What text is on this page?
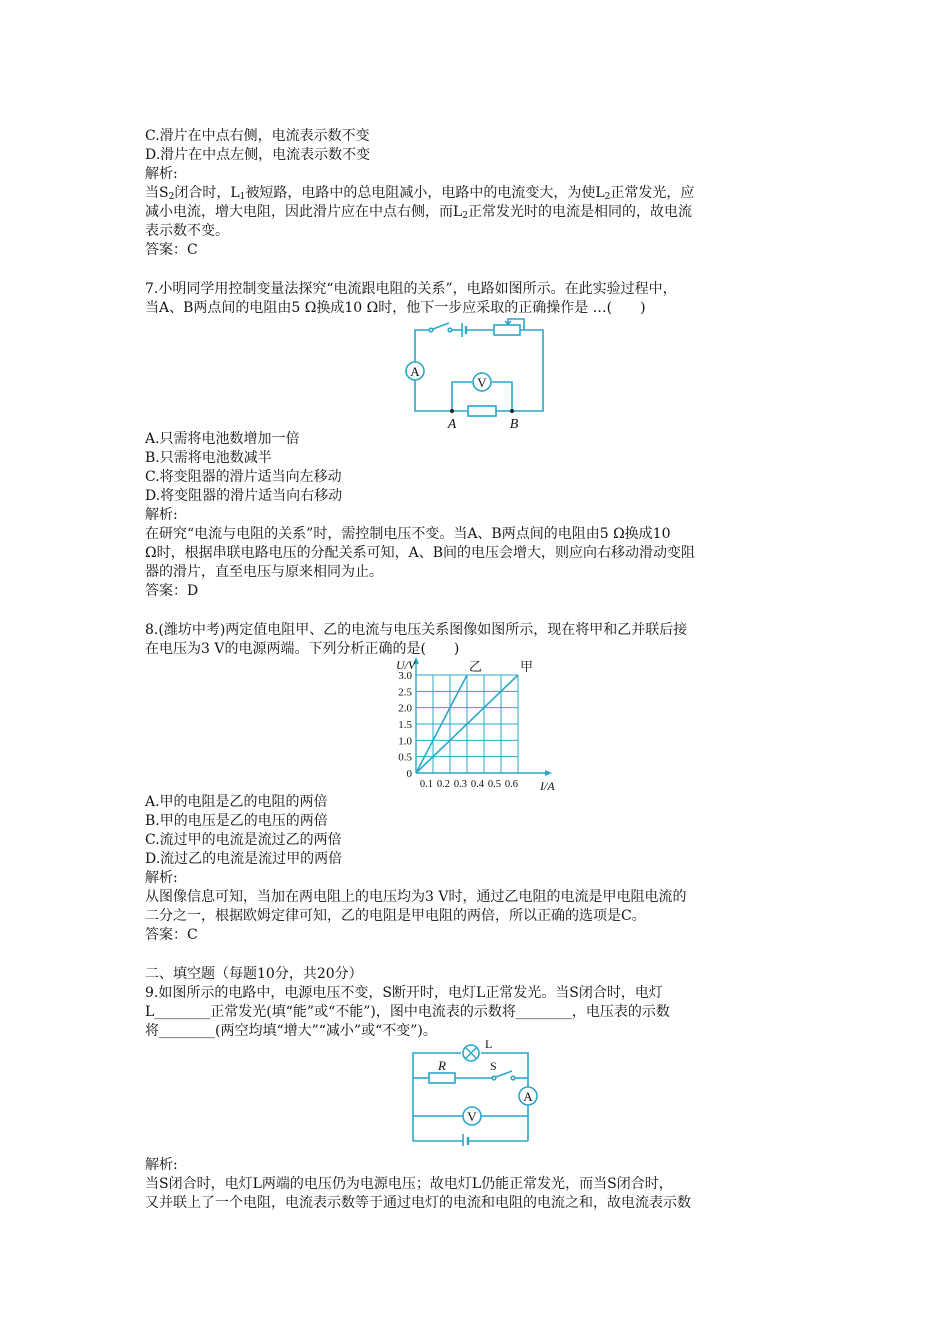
C.滑片在中点右侧，电流表示数不变
D.滑片在中点左侧，电流表示数不变
解析:
当$S_2$闭合时，$L_1$被短路，电路中的总电阻减小，电路中的电流变大，为使$L_2$正常发光，应
减小电流，增大电阻，因此滑片应在中点右侧，而$L_2$正常发光时的电流是相同的，故电流
表示数不变。
答案：C
7.小明同学用控制变量法探究“电流跟电阻的关系”，电路如图所示。在此实验过程中，
当A、B两点间的电阻由5 Ω换成10 Ω时，他下一步应采取的正确操作是 …(　　)
A
V
A	B
A.只需将电池数增加一倍
B.只需将电池数减半
C.将变阻器的滑片适当向左移动
D.将变阻器的滑片适当向右移动
解析:
在研究“电流与电阻的关系”时，需控制电压不变。当A、B两点间的电阻由5 Ω换成10
Ω时，根据串联电路电压的分配关系可知，A、B间的电压会增大，则应向右移动滑动变阻
器的滑片，直至电压与原来相同为止。
答案：D
8.(潍坊中考)两定值电阻甲、乙的电流与电压关系图像如图所示，现在将甲和乙并联后接
在电压为3 V的电源两端。下列分析正确的是(　　)
0
0.5
1.0
1.5
2.0
2.5
3.0
0.1 0.2 0.3 0.4 0.5 0.6 I/A
U/V	乙	甲
A.甲的电阻是乙的电阻的两倍
B.甲的电压是乙的电压的两倍
C.流过甲的电流是流过乙的两倍
D.流过乙的电流是流过甲的两倍
解析:
从图像信息可知，当加在两电阻上的电压均为3 V时，通过乙电阻的电流是甲电阻电流的
二分之一，根据欧姆定律可知，乙的电阻是甲电阻的两倍，所以正确的选项是C。
答案：C
二、填空题（每题10分，共20分）
9.如图所示的电路中，电源电压不变，S断开时，电灯L正常发光。当S闭合时，电灯
L________正常发光(填“能”或“不能”)，图中电流表的示数将________，电压表的示数
将________(两空均填“增大”“减小”或“不变”)。
L
R	S
A
V
解析:
当S闭合时，电灯L两端的电压仍为电源电压；故电灯L仍能正常发光，而当S闭合时，
又并联上了一个电阻，电流表示数等于通过电灯的电流和电阻的电流之和，故电流表示数
